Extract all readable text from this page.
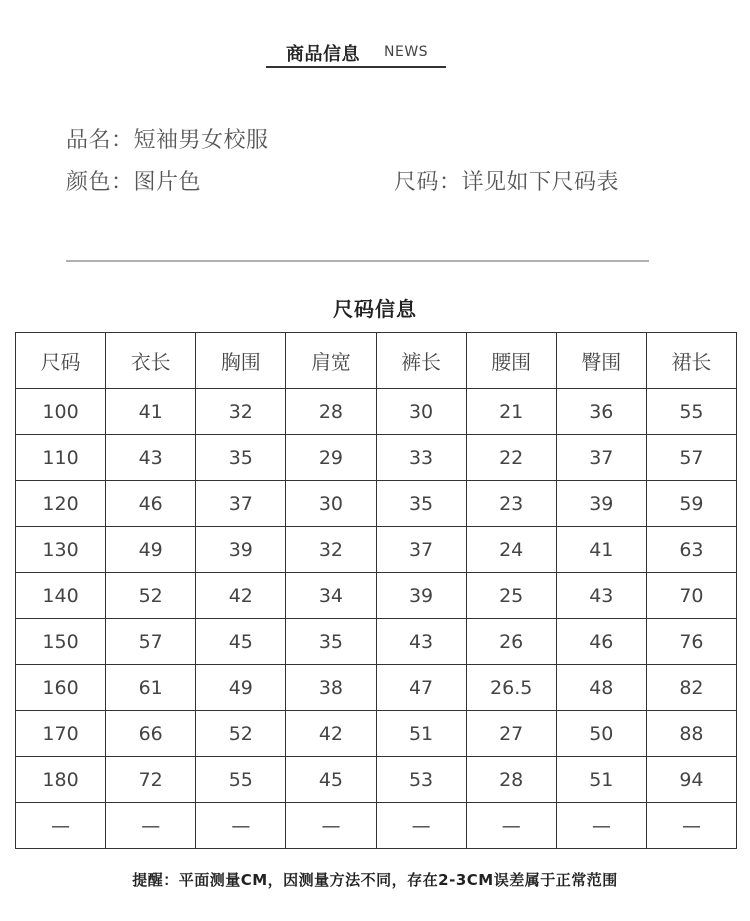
商品信息 NEWS
品名：短袖男女校服
颜色：图片色	尺码：详见如下尺码表
尺码信息
尺码	衣长	胸围	肩宽	裤长	腰围	臀围	裙长
100	41	32	28	30	21	36	55
110	43	35	29	33	22	37	57
120	46	37	30	35	23	39	59
130	49	39	32	37	24	41	63
140	52	42	34	39	25	43	70
150	57	45	35	43	26	46	76
160	61	49	38	47	26.5	48	82
170	66	52	42	51	27	50	88
180	72	55	45	53	28	51	94
—	—	—	—	—	—	—	—
提醒：平面测量CM，因测量方法不同，存在2-3CM误差属于正常范围
